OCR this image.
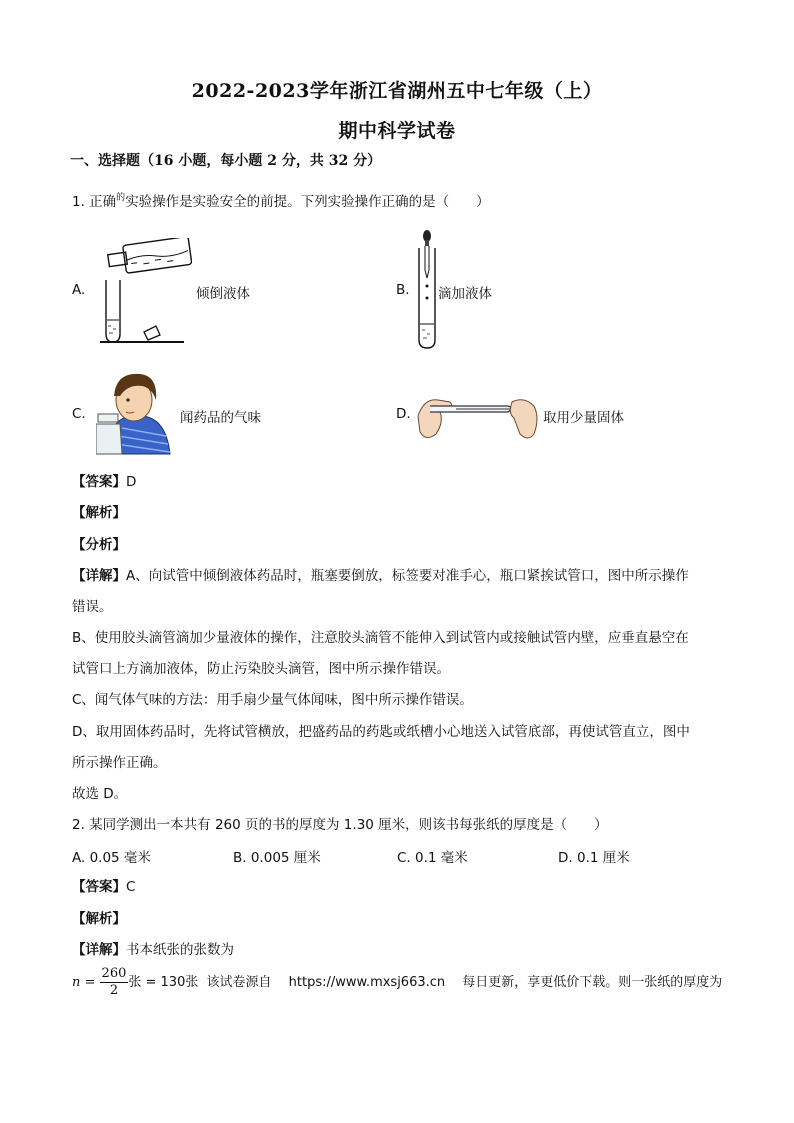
2022-2023学年浙江省湖州五中七年级（上）
期中科学试卷
一、选择题（16 小题，每小题 2 分，共 32 分）
1. 正确$^的$实验操作是实验安全的前提。下列实验操作正确的是（　　）
A.	倾倒液体	B. 滴加液体
C.	闻药品的气味	D.	取用少量固体
【答案】D
【解析】
【分析】
【详解】A、向试管中倾倒液体药品时，瓶塞要倒放，标签要对准手心，瓶口紧挨试管口，图中所示操作
错误。
B、使用胶头滴管滴加少量液体的操作，注意胶头滴管不能伸入到试管内或接触试管内壁，应垂直悬空在
试管口上方滴加液体，防止污染胶头滴管，图中所示操作错误。
C、闻气体气味的方法：用手扇少量气体闻味，图中所示操作错误。
D、取用固体药品时，先将试管横放，把盛药品的药匙或纸槽小心地送入试管底部，再使试管直立，图中
所示操作正确。
故选 D。
2. 某同学测出一本共有 260 页的书的厚度为 1.30 厘米，则该书每张纸的厚度是（　　）
A. 0.05 毫米	B. 0.005 厘米	C. 0.1 毫米	D. 0.1 厘米
【答案】C
【解析】
【详解】书本纸张的张数为
$n = \frac{260}{2}$ 张 = 130张 该试卷源自　 https://www.mxsj663.cn　 每日更新，享更低价下载。则一张纸的厚度为
